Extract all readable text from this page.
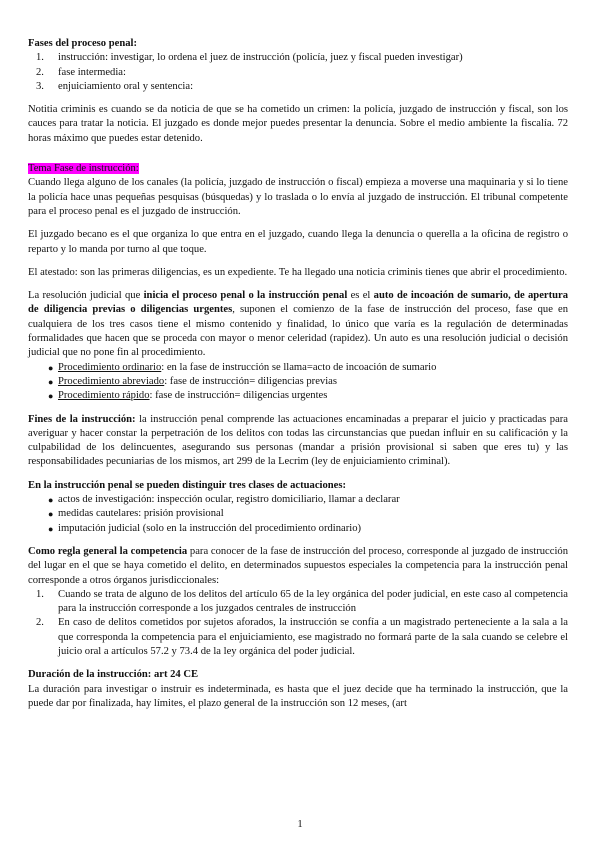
Fases del proceso penal:
1. instrucción: investigar, lo ordena el juez de instrucción (policía, juez y fiscal pueden investigar)
2. fase intermedia:
3. enjuiciamiento oral y sentencia:

Notitia criminis es cuando se da noticia de que se ha cometido un crimen: la policía, juzgado de instrucción y fiscal, son los cauces para tratar la noticia. El juzgado es donde mejor puedes presentar la denuncia. Sobre el medio ambiente la fiscalía. 72 horas máximo que puedes estar detenido.

Tema Fase de instrucción:

Cuando llega alguno de los canales (la policía, juzgado de instrucción o fiscal) empieza a moverse una maquinaria y si lo tiene la policía hace unas pequeñas pesquisas (búsquedas) y lo traslada o lo envía al juzgado de instrucción. El tribunal competente para el proceso penal es el juzgado de instrucción.

El juzgado becano es el que organiza lo que entra en el juzgado, cuando llega la denuncia o querella a la oficina de registro o reparto y lo manda por turno al que toque.

El atestado: son las primeras diligencias, es un expediente. Te ha llegado una noticia criminis tienes que abrir el procedimiento.

La resolución judicial que inicia el proceso penal o la instrucción penal es el auto de incoación de sumario, de apertura de diligencia previas o diligencias urgentes, suponen el comienzo de la fase de instrucción del proceso, fase que en cualquiera de los tres casos tiene el mismo contenido y finalidad, lo único que varía es la regulación de determinadas formalidades que hacen que se proceda con mayor o menor celeridad (rapidez). Un auto es una resolución judicial o decisión judicial que no pone fin al procedimiento.

● Procedimiento ordinario: en la fase de instrucción se llama=acto de incoación de sumario
● Procedimiento abreviado: fase de instrucción= diligencias previas
● Procedimiento rápido: fase de instrucción= diligencias urgentes

Fines de la instrucción: la instrucción penal comprende las actuaciones encaminadas a preparar el juicio y practicadas para averiguar y hacer constar la perpetración de los delitos con todas las circunstancias que puedan influir en su calificación y la culpabilidad de los delincuentes, asegurando sus personas (mandar a prisión provisional si saben que eres tu) y las responsabilidades pecuniarias de los mismos, art 299 de la Lecrim (ley de enjuiciamiento criminal).

En la instrucción penal se pueden distinguir tres clases de actuaciones:
● actos de investigación: inspección ocular, registro domiciliario, llamar a declarar
● medidas cautelares: prisión provisional
● imputación judicial (solo en la instrucción del procedimiento ordinario)

Como regla general la competencia para conocer de la fase de instrucción del proceso, corresponde al juzgado de instrucción del lugar en el que se haya cometido el delito, en determinados supuestos especiales la competencia para la instrucción penal corresponde a otros órganos jurisdiccionales:

1. Cuando se trata de alguno de los delitos del artículo 65 de la ley orgánica del poder judicial, en este caso al competencia para la instrucción corresponde a los juzgados centrales de instrucción
2. En caso de delitos cometidos por sujetos aforados, la instrucción se confía a un magistrado perteneciente a la sala a la que corresponda la competencia para el enjuiciamiento, ese magistrado no formará parte de la sala cuando se celebre el juicio oral a artículos 57.2 y 73.4 de la ley orgánica del poder judicial.
Duración de la instrucción: art 24 CE

La duración para investigar o instruir es indeterminada, es hasta que el juez decide que ha terminado la instrucción, que la puede dar por finalizada, hay límites, el plazo general de la instrucción son 12 meses, (art

1
